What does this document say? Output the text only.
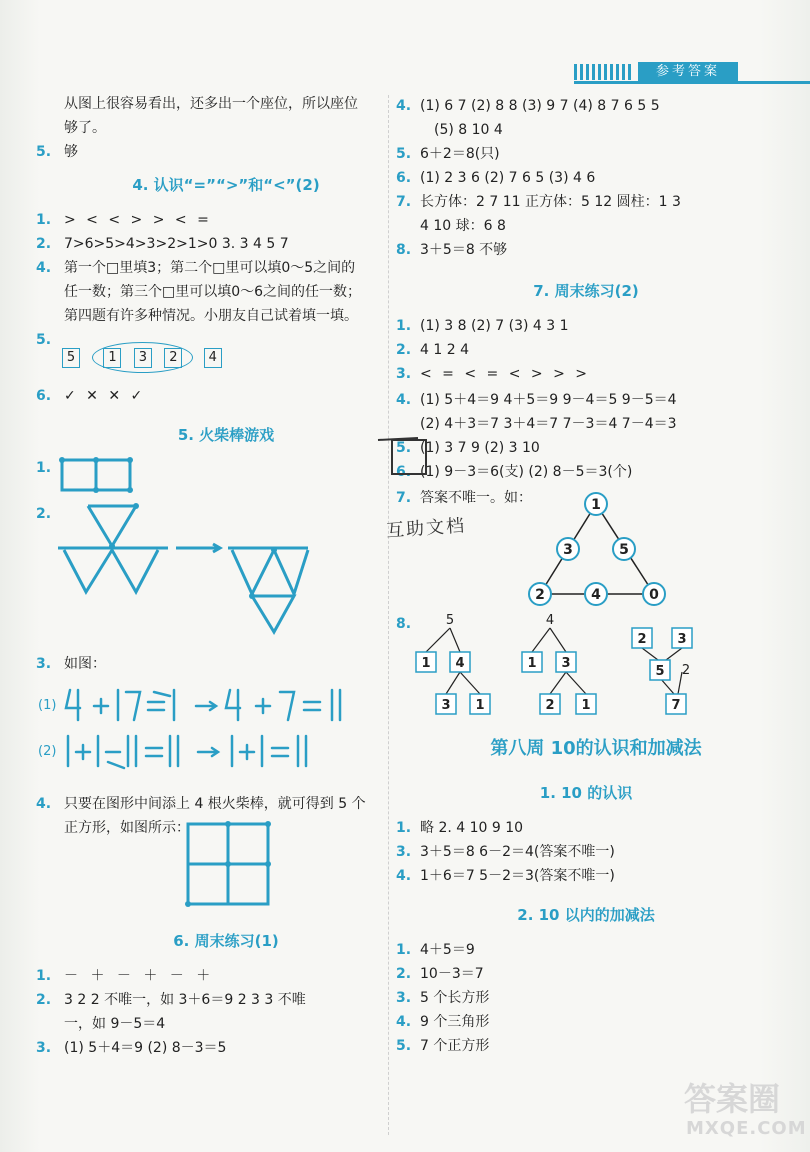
参考答案
从图上很容易看出，还多出一个座位，所以座位
够了。
5. 够
4. 认识“=”“>”和“<”(2)
1. > < < > > < =
2. 7>6>5>4>3>2>1>0 3. 3 4 5 7
4. 第一个□里填3；第二个□里可以填0～5之间的
任一数；第三个□里可以填0～6之间的任一数；
第四题有许多种情况。小朋友自己试着填一填。
5.
5	1 3 2 4
6. ✓ ✕ ✕ ✓
5. 火柴棒游戏
1.
2.
3. 如图：
(1)
(2)
4. 只要在图形中间添上 4 根火柴棒，就可得到 5 个
正方形，如图所示：
6. 周末练习(1)
1. － ＋ － ＋ － ＋
2. 3 2 2 不唯一，如 3＋6＝9 2 3 3 不唯
一，如 9－5＝4
3. (1) 5＋4＝9 (2) 8－3＝5
4. (1) 6 7 (2) 8 8 (3) 9 7 (4) 8 7 6 5 5
(5) 8 10 4
5. 6＋2＝8(只)
6. (1) 2 3 6 (2) 7 6 5 (3) 4 6
7. 长方体：2 7 11 正方体：5 12 圆柱：1 3
4 10 球：6 8
8. 3＋5＝8 不够
7. 周末练习(2)
1. (1) 3 8 (2) 7 (3) 4 3 1
2. 4 1 2 4
3. < = < = < > > >
4. (1) 5＋4＝9 4＋5＝9 9－4＝5 9－5＝4
(2) 4＋3＝7 3＋4＝7 7－3＝4 7－4＝3
5. (1) 3 7 9 (2) 3 10
6. (1) 9－3＝6(支) (2) 8－5＝3(个)
7. 答案不唯一。如：	1
3	5
2	4	0
8.	5
1 4
3 1
4
1 3
2 1
2 3
5 2
7
第八周 10的认识和加减法
1. 10 的认识
1. 略 2. 4 10 9 10
3. 3＋5＝8 6－2＝4(答案不唯一)
4. 1＋6＝7 5－2＝3(答案不唯一)
2. 10 以内的加减法
1. 4＋5＝9
2. 10－3＝7
3. 5 个长方形
4. 9 个三角形
5. 7 个正方形
互助文档
答案圈
MXQE.COM
